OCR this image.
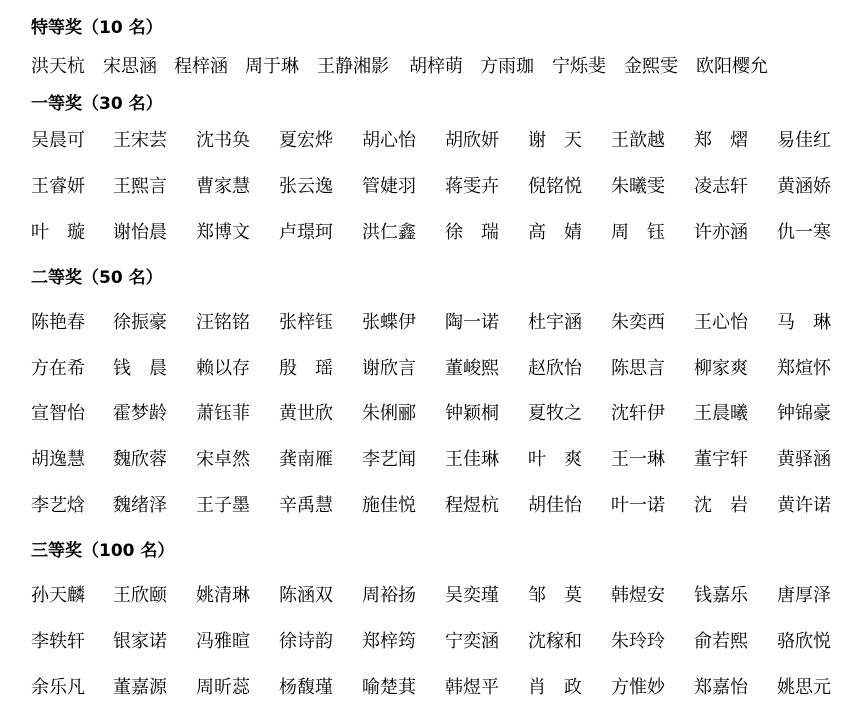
特等奖（10 名）
洪天杭 宋思涵 程梓涵 周于琳 王静湘影 胡梓萌 方雨珈 宁烁斐 金熙雯 欧阳樱允
一等奖（30 名）
吴晨可 王宋芸 沈书奂 夏宏烨 胡心怡 胡欣妍 谢　天 王歆越 郑　熠 易佳红
王睿妍 王熙言 曹家慧 张云逸 管婕羽 蒋雯卉 倪铭悦 朱曦雯 凌志轩 黄涵娇
叶　璇 谢怡晨 郑博文 卢璟珂 洪仁鑫 徐　瑞 高　婧 周　钰 许亦涵 仇一寒
二等奖（50 名）
陈艳春 徐振豪 汪铭铭 张梓钰 张蝶伊 陶一诺 杜宇涵 朱奕西 王心怡 马　琳
方在希 钱　晨 赖以存 殷　瑶 谢欣言 董峻熙 赵欣怡 陈思言 柳家爽 郑煊怀
宣智怡 霍梦龄 萧钰菲 黄世欣 朱俐郦 钟颖桐 夏牧之 沈轩伊 王晨曦 钟锦豪
胡逸慧 魏欣蓉 宋卓然 龚南雁 李艺闻 王佳琳 叶　爽 王一琳 董宇轩 黄驿涵
李艺焓 魏绪泽 王子墨 辛禹慧 施佳悦 程煜杭 胡佳怡 叶一诺 沈　岩 黄许诺
三等奖（100 名）
孙天麟 王欣颐 姚清琳 陈涵双 周裕扬 吴奕瑾 邹　莫 韩煜安 钱嘉乐 唐厚泽
李轶轩 银家诺 冯雅暄 徐诗韵 郑梓筠 宁奕涵 沈稼和 朱玲玲 俞若熙 骆欣悦
余乐凡 董嘉源 周昕蕊 杨馥瑾 喻楚萁 韩煜平 肖　政 方惟妙 郑嘉怡 姚思元
